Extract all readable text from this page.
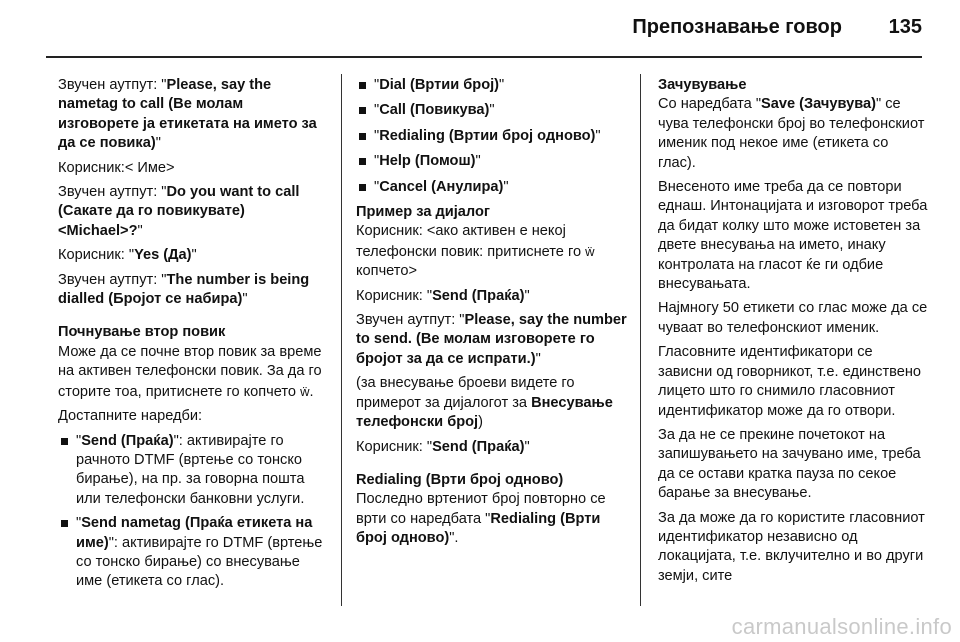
Препознавање говор 135

Звучен аутпут: "Please, say the nametag to call (Ве молам изговорете ја етикетата на името за да се повика)"

Корисник:< Име>

Звучен аутпут: "Do you want to call (Сакате да го повикувате) <Michael>?"

Корисник: "Yes (Да)"

Звучен аутпут: "The number is being dialled (Бројот се набира)"

Почнување втор повик

Може да се почне втор повик за време на активен телефонски повик. За да го сторите тоа, притиснете го копчето ẅ.

Достапните наредби:

"Send (Праќа)": активирајте го рачното DTMF (вртење со тонско бирање), на пр. за говорна пошта или телефонски банковни услуги.
"Send nametag (Праќа етикета на име)": активирајте го DTMF (вртење со тонско бирање) со внесување име (етикета со глас).
"Dial (Вртии број)"
"Call (Повикува)"
"Redialing (Вртии број одново)"
"Help (Помош)"
"Cancel (Анулира)"

Пример за дијалог

Корисник: <ако активен е некој телефонски повик: притиснете го ẅ копчето>

Корисник: "Send (Праќа)"

Звучен аутпут: "Please, say the number to send. (Ве молам изговорете го бројот за да се испрати.)"

(за внесување броеви видете го примерот за дијалогот за Внесување телефонски број)

Корисник: "Send (Праќа)"

Redialing (Врти број одново)

Последно вртениот број повторно се врти со наредбата "Redialing (Врти број одново)".

Зачувување

Со наредбата "Save (Зачувува)" се чува телефонски број во телефонскиот именик под некое име (етикета со глас).

Внесеното име треба да се повтори еднаш. Интонацијата и изговорот треба да бидат колку што може истоветен за двете внесувања на името, инаку контролата на гласот ќе ги одбие внесувањата.

Најмногу 50 етикети со глас може да се чуваат во телефонскиот именик.

Гласовните идентификатори се зависни од говорникот, т.е. единствено лицето што го снимило гласовниот идентификатор може да го отвори.

За да не се прекине почетокот на запишувањето на зачувано име, треба да се остави кратка пауза по секое барање за внесување.

За да може да го користите гласовниот идентификатор независно од локацијата, т.е. вклучително и во други земји, сите

carmanualsonline.info
